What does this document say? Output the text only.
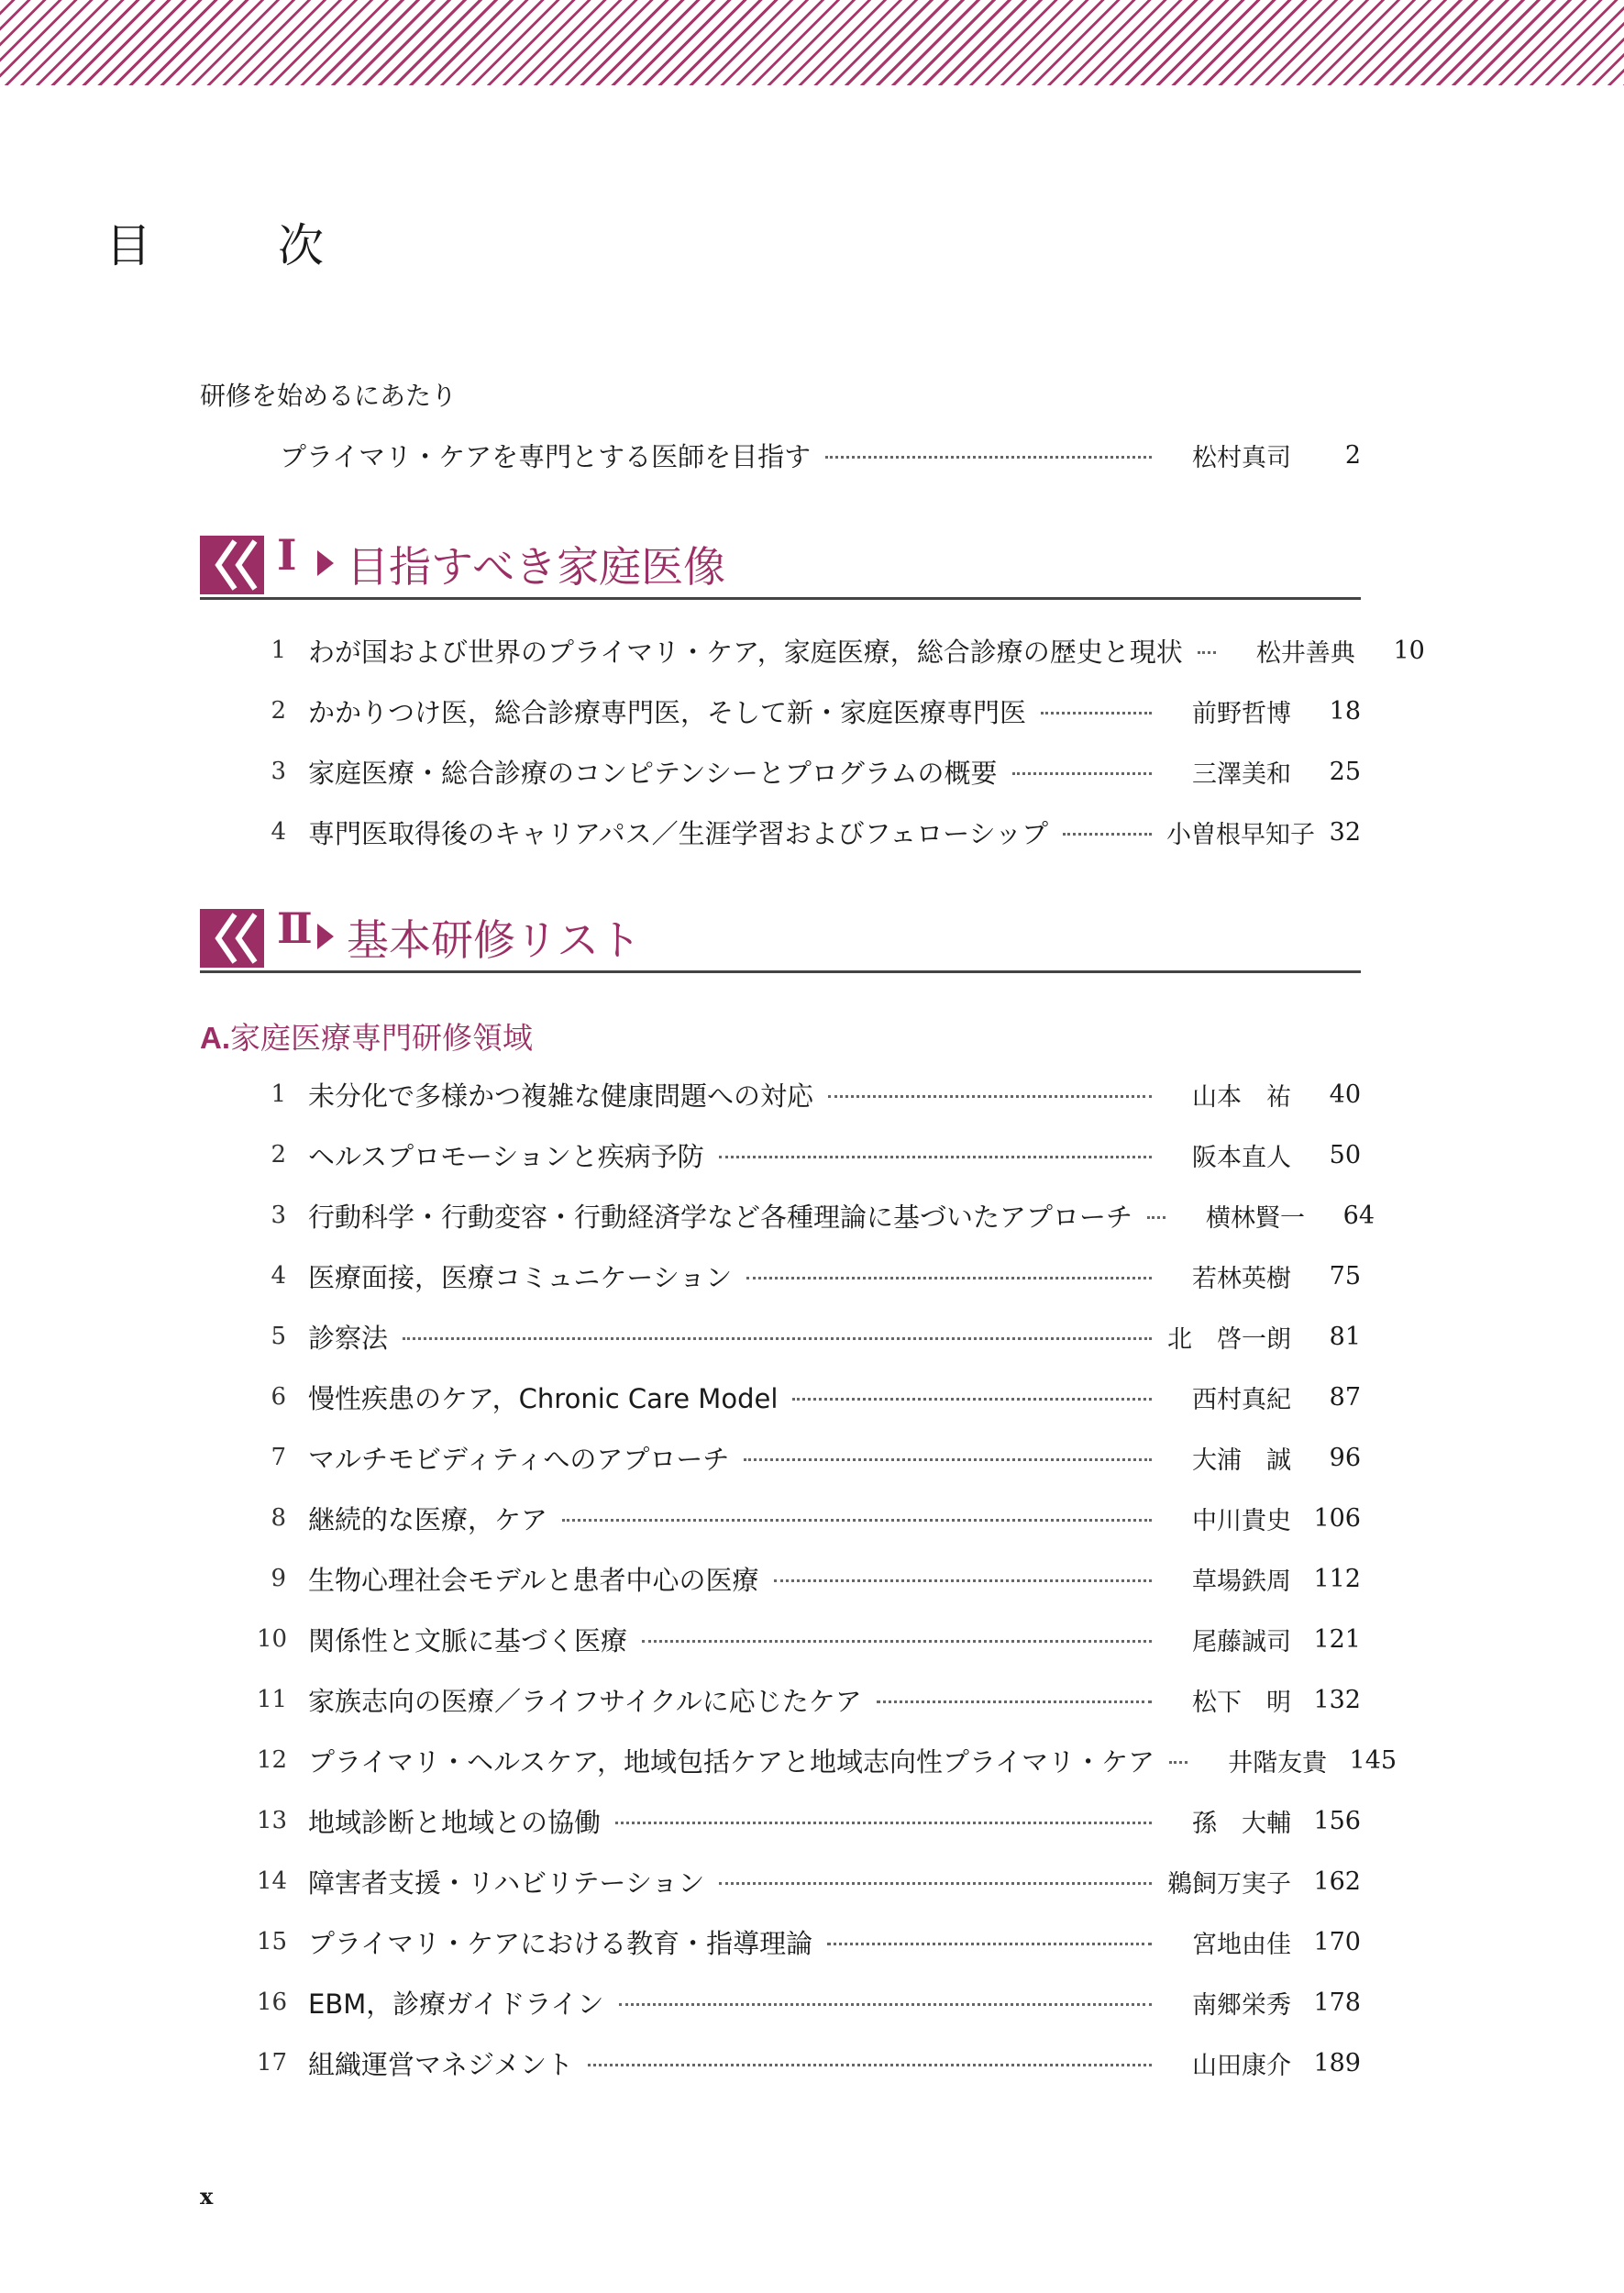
目　次
研修を始めるにあたり
プライマリ・ケアを専門とする医師を目指す	松村真司	2
Ⅰ 目指すべき家庭医像
1 わが国および世界のプライマリ・ケア，家庭医療，総合診療の歴史と現状	松井善典	10
2 かかりつけ医，総合診療専門医，そして新・家庭医療専門医	前野哲博	18
3 家庭医療・総合診療のコンピテンシーとプログラムの概要	三澤美和	25
4 専門医取得後のキャリアパス／生涯学習およびフェローシップ	小曽根早知子 32
Ⅱ 基本研修リスト
A.家庭医療専門研修領域
1 未分化で多様かつ複雑な健康問題への対応	山本　祐	40
2 ヘルスプロモーションと疾病予防	阪本直人	50
3 行動科学・行動変容・行動経済学など各種理論に基づいたアプローチ	横林賢一	64
4 医療面接，医療コミュニケーション	若林英樹	75
5 診察法	北　啓一朗	81
6 慢性疾患のケア，Chronic Care Model	西村真紀	87
7 マルチモビディティへのアプローチ	大浦　誠	96
8 継続的な医療，ケア	中川貴史 106
9 生物心理社会モデルと患者中心の医療	草場鉄周 112
10 関係性と文脈に基づく医療	尾藤誠司 121
11 家族志向の医療／ライフサイクルに応じたケア	松下　明 132
12 プライマリ・ヘルスケア，地域包括ケアと地域志向性プライマリ・ケア	井階友貴 145
13 地域診断と地域との協働	孫　大輔 156
14 障害者支援・リハビリテーション	鵜飼万実子 162
15 プライマリ・ケアにおける教育・指導理論	宮地由佳 170
16 EBM，診療ガイドライン	南郷栄秀 178
17 組織運営マネジメント	山田康介 189
x
